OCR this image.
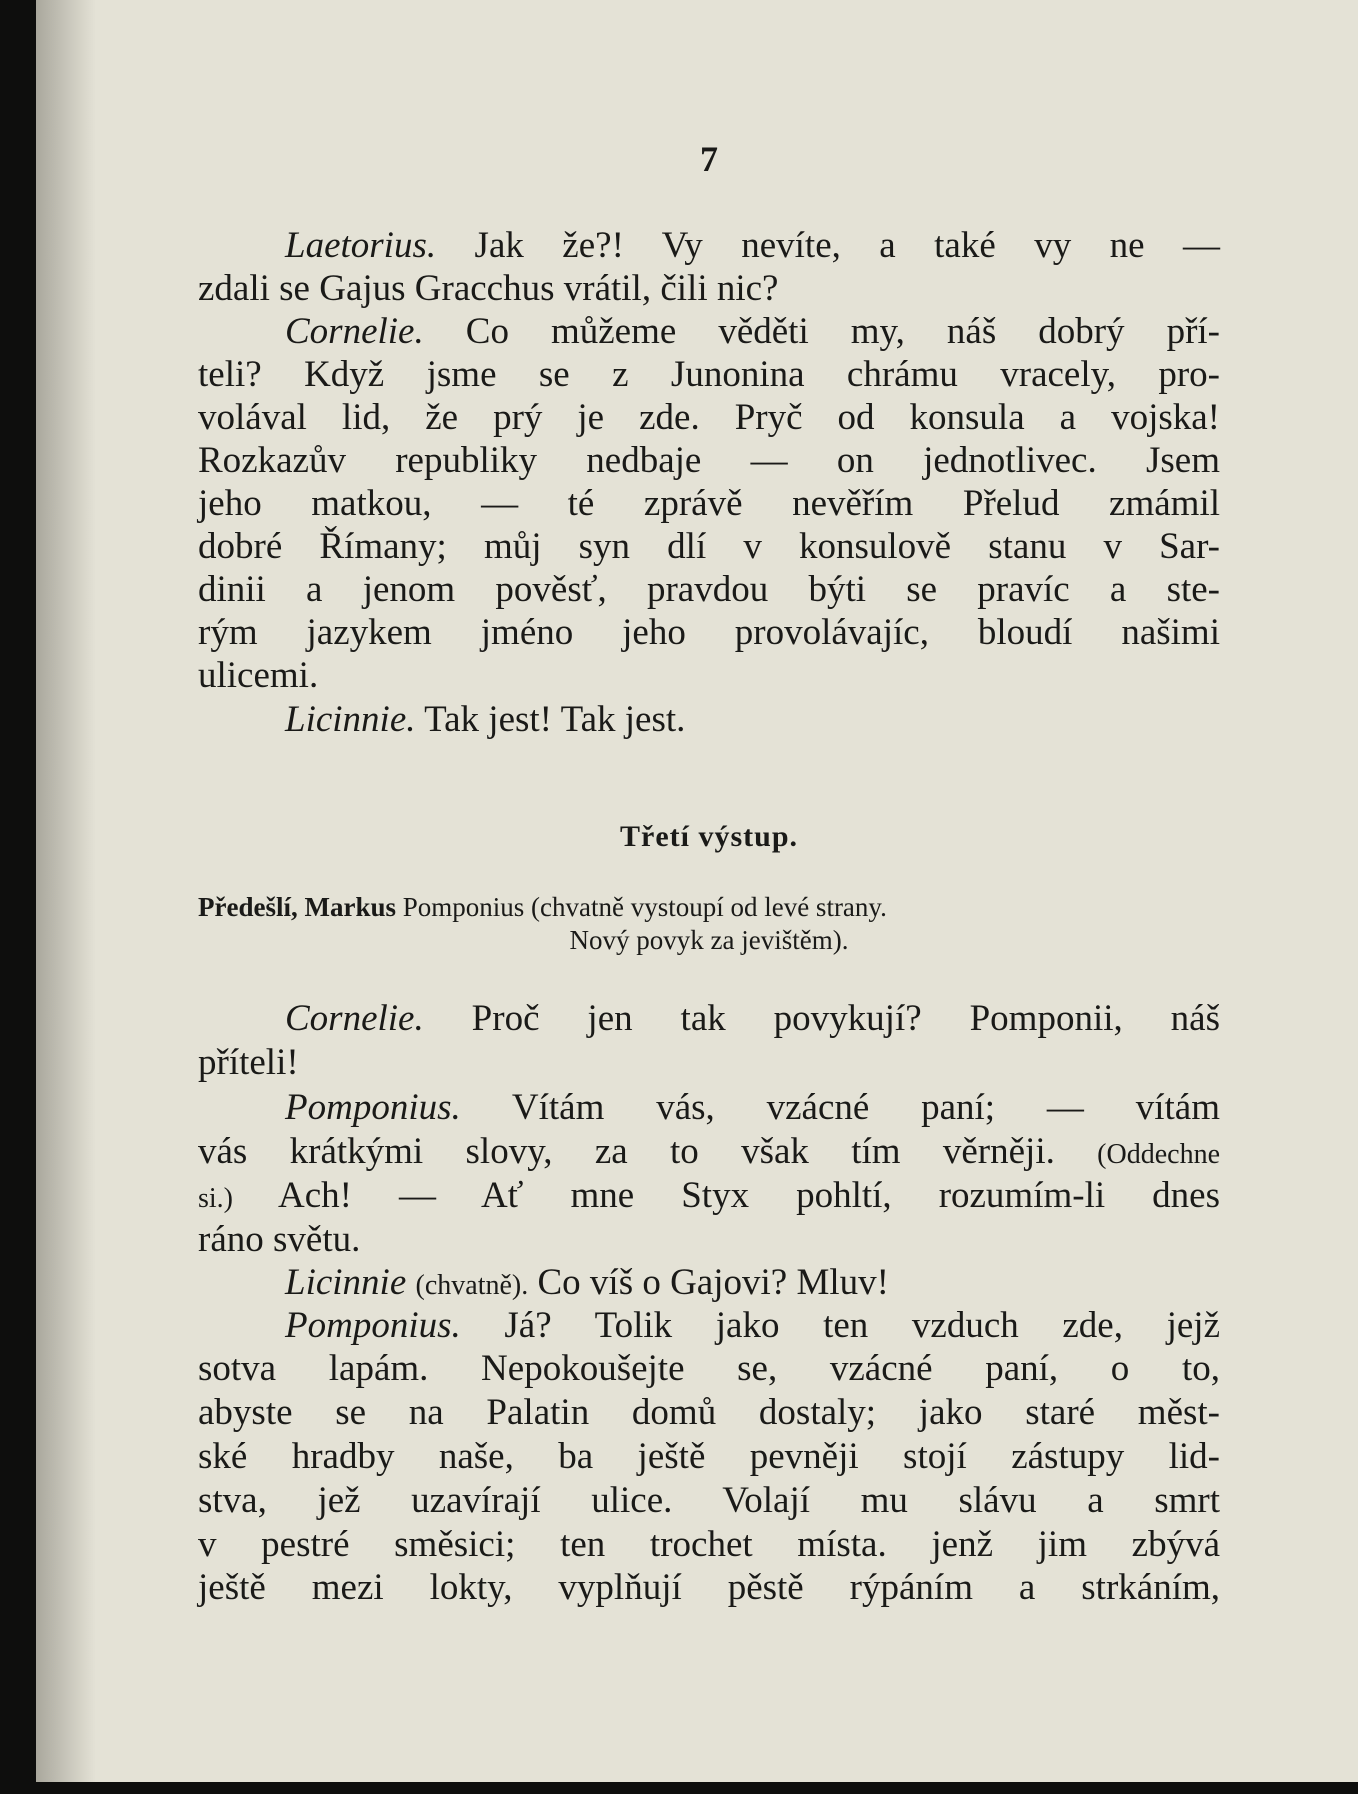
7
Laetorius. Jak že?! Vy nevíte, a také vy ne —
zdali se Gajus Gracchus vrátil, čili nic?
Cornelie. Co můžeme věděti my, náš dobrý pří-
teli? Když jsme se z Junonina chrámu vracely, pro-
volával lid, že prý je zde. Pryč od konsula a vojska!
Rozkazův republiky nedbaje — on jednotlivec. Jsem
jeho matkou, — té zprávě nevěřím Přelud zmámil
dobré Římany; můj syn dlí v konsulově stanu v Sar-
dinii a jenom pověsť, pravdou býti se pravíc a ste-
rým jazykem jméno jeho provolávajíc, bloudí našimi
ulicemi.
Licinnie. Tak jest! Tak jest.
Třetí výstup.
Předešlí, Markus Pomponius (chvatně vystoupí od levé strany.
Nový povyk za jevištěm).
Cornelie. Proč jen tak povykují? Pomponii, náš
příteli!
Pomponius. Vítám vás, vzácné paní; — vítám
vás krátkými slovy, za to však tím věrněji. (Oddechne
si.) Ach! — Ať mne Styx pohltí, rozumím-li dnes
ráno světu.
Licinnie (chvatně). Co víš o Gajovi? Mluv!
Pomponius. Já? Tolik jako ten vzduch zde, jejž
sotva lapám. Nepokoušejte se, vzácné paní, o to,
abyste se na Palatin domů dostaly; jako staré měst-
ské hradby naše, ba ještě pevněji stojí zástupy lid-
stva, jež uzavírají ulice. Volají mu slávu a smrt
v pestré směsici; ten trochet místa. jenž jim zbývá
ještě mezi lokty, vyplňují pěstě rýpáním a strkáním,
